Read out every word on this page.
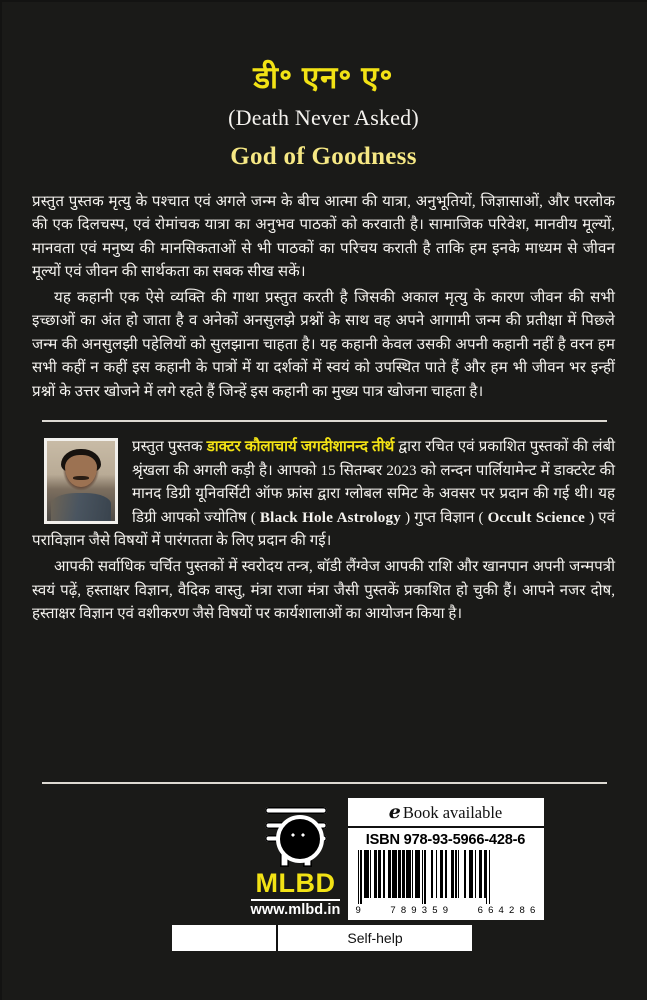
डी॰ एन॰ ए॰
(Death Never Asked)
God of Goodness

प्रस्तुत पुस्तक मृत्यु के पश्चात एवं अगले जन्म के बीच आत्मा की यात्रा, अनुभूतियों, जिज्ञासाओं, और परलोक की एक दिलचस्प, एवं रोमांचक यात्रा का अनुभव पाठकों को करवाती है। सामाजिक परिवेश, मानवीय मूल्यों, मानवता एवं मनुष्य की मानसिकताओं से भी पाठकों का परिचय कराती है ताकि हम इनके माध्यम से जीवन मूल्यों एवं जीवन की सार्थकता का सबक सीख सकें।

यह कहानी एक ऐसे व्यक्ति की गाथा प्रस्तुत करती है जिसकी अकाल मृत्यु के कारण जीवन की सभी इच्छाओं का अंत हो जाता है व अनेकों अनसुलझे प्रश्नों के साथ वह अपने आगामी जन्म की प्रतीक्षा में पिछले जन्म की अनसुलझी पहेलियों को सुलझाना चाहता है। यह कहानी केवल उसकी अपनी कहानी नहीं है वरन हम सभी कहीं न कहीं इस कहानी के पात्रों में या दर्शकों में स्वयं को उपस्थित पाते हैं और हम भी जीवन भर इन्हीं प्रश्नों के उत्तर खोजने में लगे रहते हैं जिन्हें इस कहानी का मुख्य पात्र खोजना चाहता है।

प्रस्तुत पुस्तक डाक्टर कौलाचार्य जगदीशानन्द तीर्थ द्वारा रचित एवं प्रकाशित पुस्तकों की लंबी श्रृंखला की अगली कड़ी है। आपको 15 सितम्बर 2023 को लन्दन पार्लियामेन्ट में डाक्टरेट की मानद डिग्री यूनिवर्सिटी ऑफ फ्रांस द्वारा ग्लोबल समिट के अवसर पर प्रदान की गई थी। यह डिग्री आपको ज्योतिष ( Black Hole Astrology ) गुप्त विज्ञान ( Occult Science ) एवं पराविज्ञान जैसे विषयों में पारंगतता के लिए प्रदान की गई।

आपकी सर्वाधिक चर्चित पुस्तकों में स्वरोदय तन्त्र, बॉडी लैंग्वेज आपकी राशि और खानपान अपनी जन्मपत्री स्वयं पढ़ें, हस्ताक्षर विज्ञान, वैदिक वास्तु, मंत्रा राजा मंत्रा जैसी पुस्तकें प्रकाशित हो चुकी हैं। आपने नजर दोष, हस्ताक्षर विज्ञान एवं वशीकरण जैसे विषयों पर कार्यशालाओं का आयोजन किया है।

MLBD
www.mlbd.in
e Book available
ISBN 978-93-5966-428-6
9	7 8 9 3 5 9	6 6 4 2 8 6
Self-help
